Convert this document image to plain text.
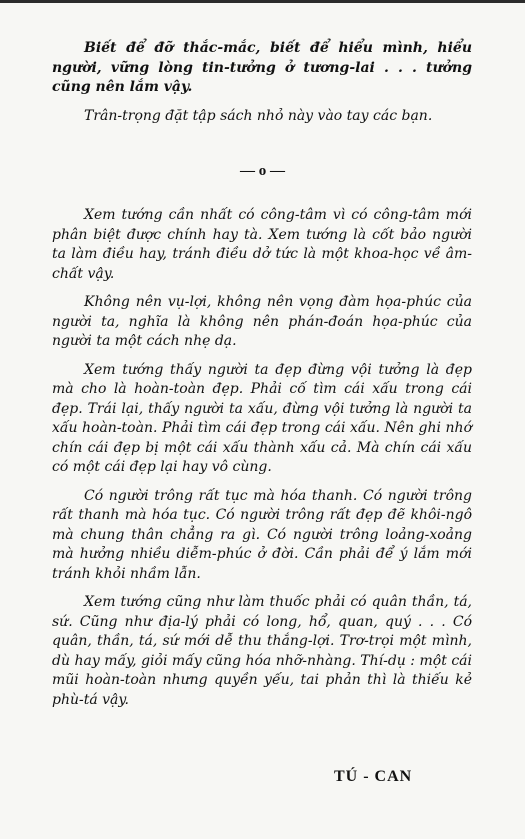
Biết để đỡ thắc-mắc, biết để hiểu mình, hiểu người, vững lòng tin-tưởng ở tương-lai . . . tưởng cũng nên lắm vậy.

Trân-trọng đặt tập sách nhỏ này vào tay các bạn.

— o —

Xem tướng cần nhất có công-tâm vì có công-tâm mới phân biệt được chính hay tà. Xem tướng là cốt bảo người ta làm điều hay, tránh điều dở tức là một khoa-học về âm-chất vậy.

Không nên vụ-lợi, không nên vọng đàm họa-phúc của người ta, nghĩa là không nên phán-đoán họa-phúc của người ta một cách nhẹ dạ.

Xem tướng thấy người ta đẹp đừng vội tưởng là đẹp mà cho là hoàn-toàn đẹp. Phải cố tìm cái xấu trong cái đẹp. Trái lại, thấy người ta xấu, đừng vội tưởng là người ta xấu hoàn-toàn. Phải tìm cái đẹp trong cái xấu. Nên ghi nhớ chín cái đẹp bị một cái xấu thành xấu cả. Mà chín cái xấu có một cái đẹp lại hay vô cùng.

Có người trông rất tục mà hóa thanh. Có người trông rất thanh mà hóa tục. Có người trông rất đẹp đẽ khôi-ngô mà chung thân chẳng ra gì. Có người trông loảng-xoảng mà hưởng nhiều diễm-phúc ở đời. Cần phải để ý lắm mới tránh khỏi nhầm lẫn.

Xem tướng cũng như làm thuốc phải có quân thần, tá, sứ. Cũng như địa-lý phải có long, hổ, quan, quý . . . Có quân, thần, tá, sứ mới dễ thu thắng-lợi. Trơ-trọi một mình, dù hay mấy, giỏi mấy cũng hóa nhỡ-nhàng. Thí-dụ : một cái mũi hoàn-toàn nhưng quyền yếu, tai phản thì là thiếu kẻ phù-tá vậy.

TÚ - CAN
